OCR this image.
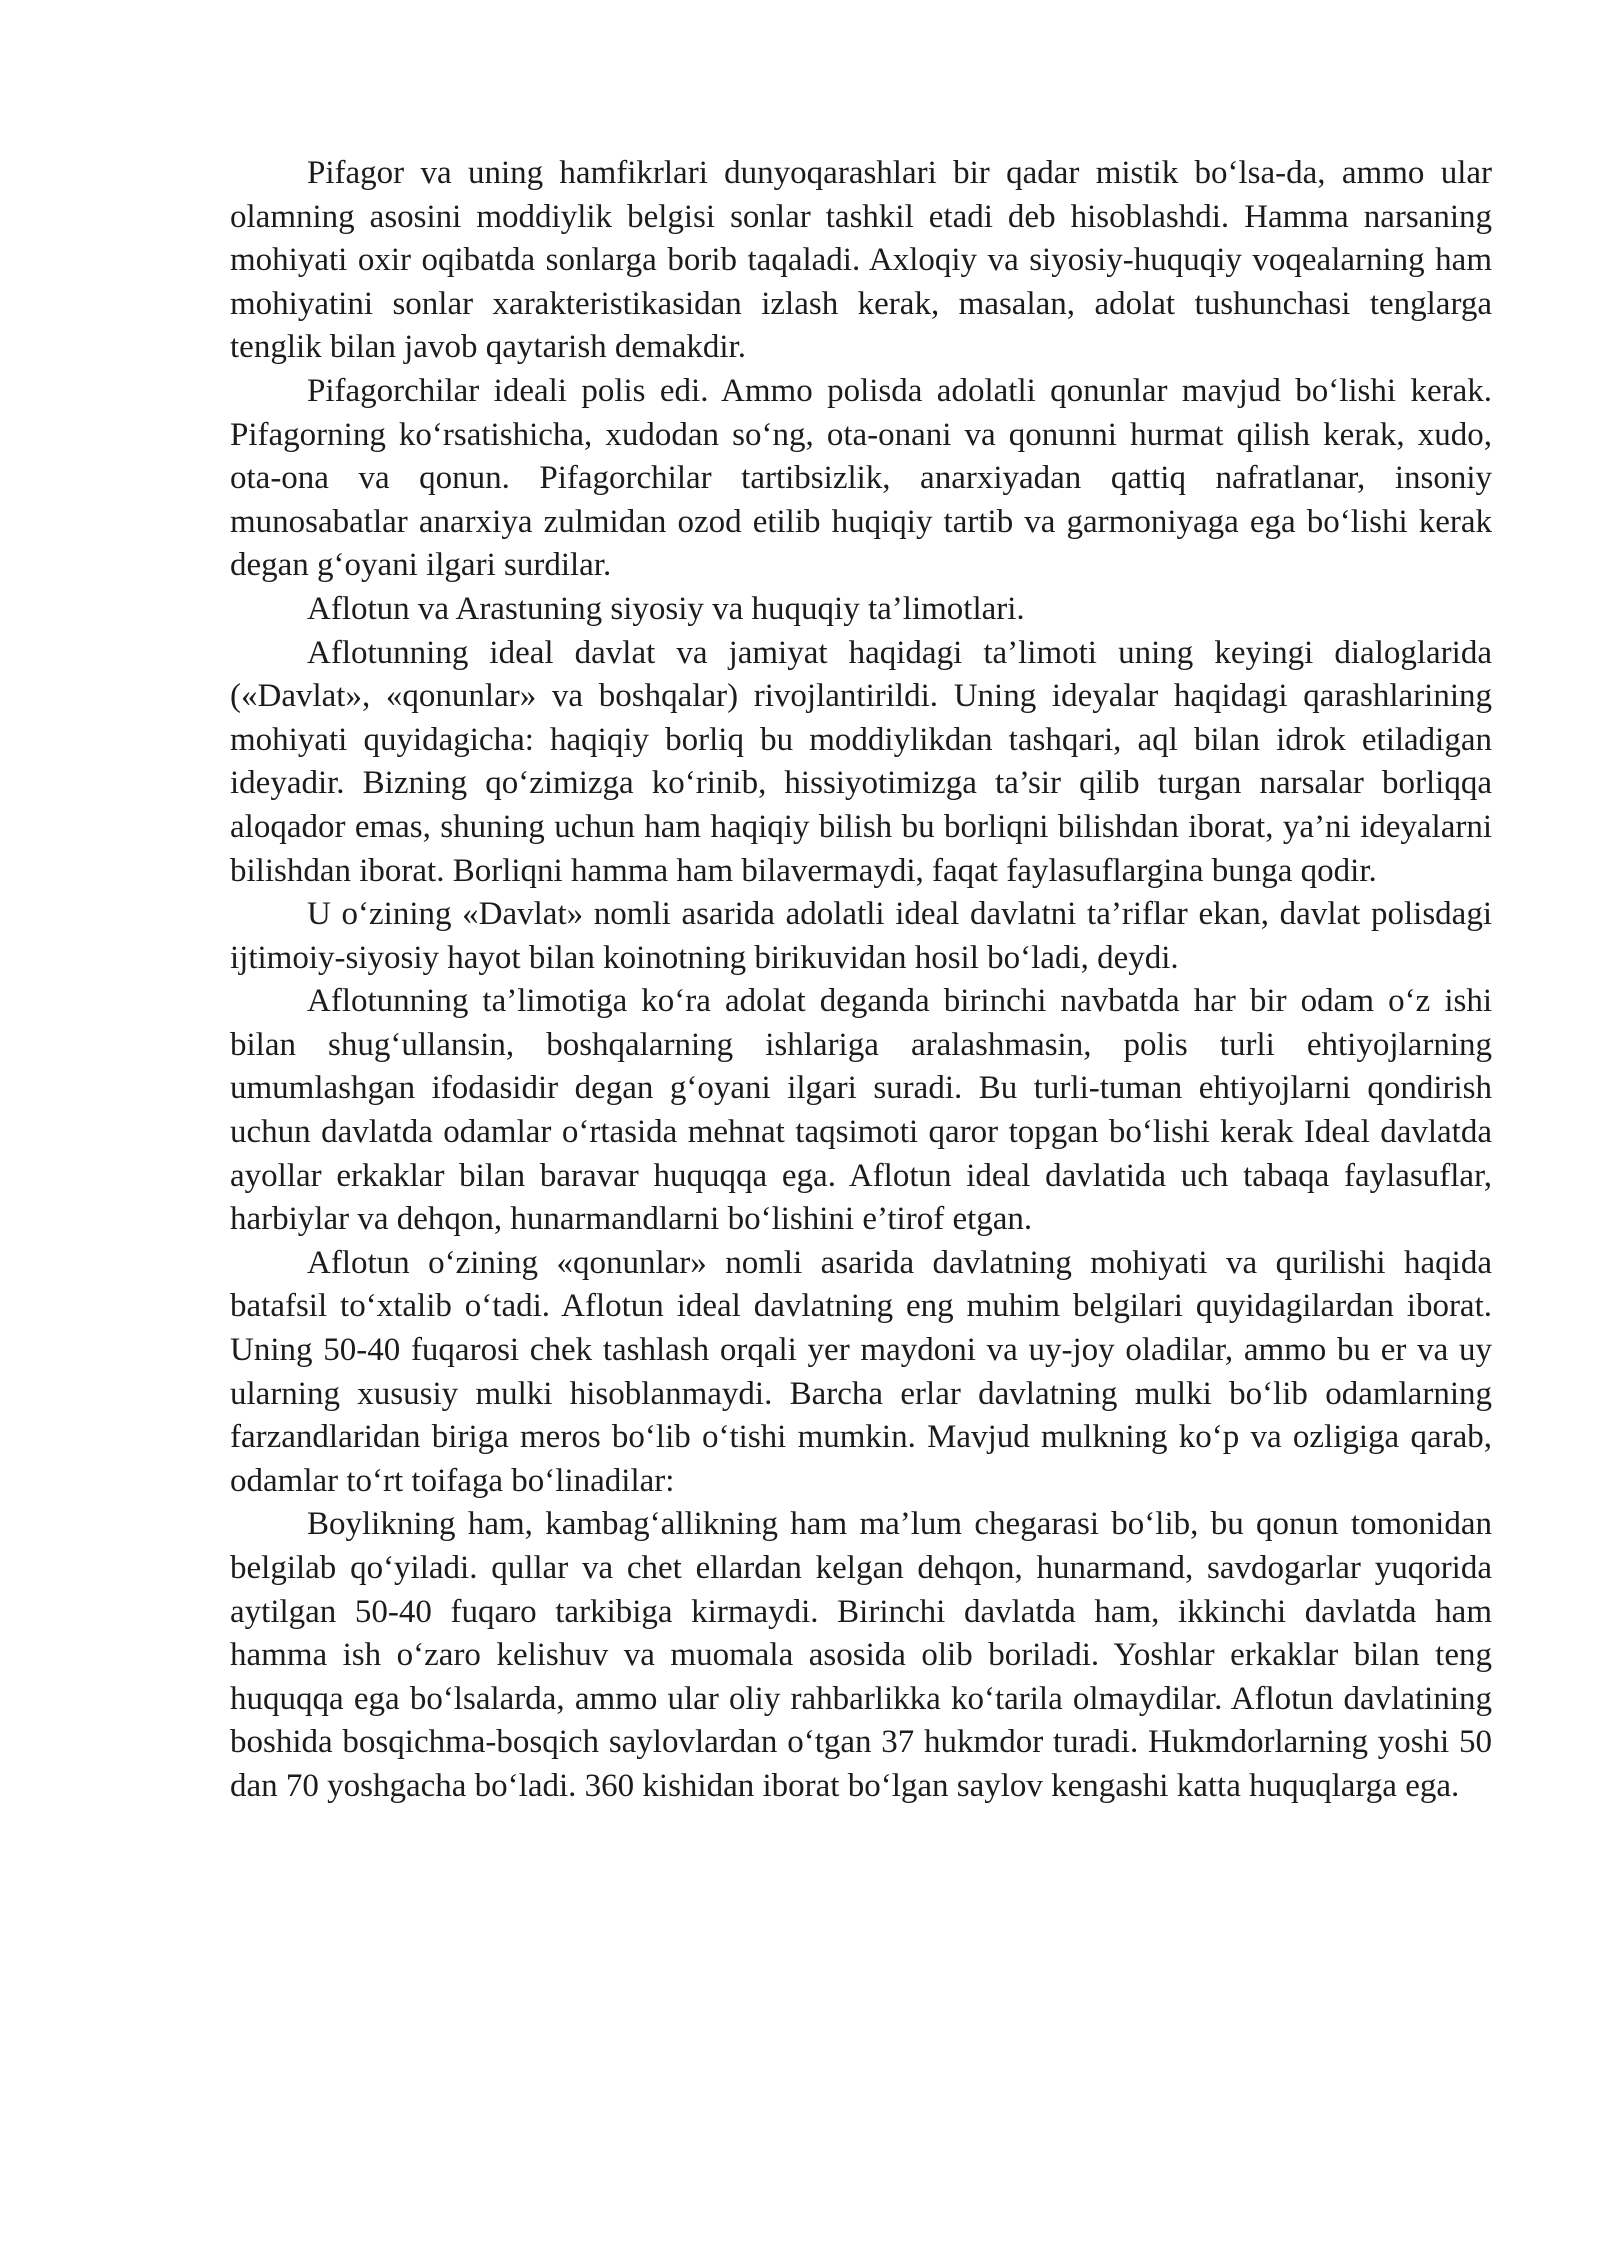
Pifagor va uning hamfikrlari dunyoqarashlari bir qadar mistik bo‘lsa-da, ammo ular olamning asosini moddiylik belgisi sonlar tashkil etadi deb hisoblashdi. Hamma narsaning mohiyati oxir oqibatda sonlarga borib taqaladi. Axloqiy va siyosiy-huquqiy voqealarning ham mohiyatini sonlar xarakteristikasidan izlash kerak, masalan, adolat tushunchasi tenglarga tenglik bilan javob qaytarish demakdir.

Pifagorchilar ideali polis edi. Ammo polisda adolatli qonunlar mavjud bo‘lishi kerak. Pifagorning ko‘rsatishicha, xudodan so‘ng, ota-onani va qonunni hurmat qilish kerak, xudo, ota-ona va qonun. Pifagorchilar tartibsizlik, anarxiyadan qattiq nafratlanar, insoniy munosabatlar anarxiya zulmidan ozod etilib huqiqiy tartib va garmoniyaga ega bo‘lishi kerak degan g‘oyani ilgari surdilar.

Aflotun va Arastuning siyosiy va huquqiy ta’limotlari.

Aflotunning ideal davlat va jamiyat haqidagi ta’limoti uning keyingi dialoglarida («Davlat», «qonunlar» va boshqalar) rivojlantirildi. Uning ideyalar haqidagi qarashlarining mohiyati quyidagicha: haqiqiy borliq bu moddiylikdan tashqari, aql bilan idrok etiladigan ideyadir. Bizning qo‘zimizga ko‘rinib, hissiyotimizga ta’sir qilib turgan narsalar borliqqa aloqador emas, shuning uchun ham haqiqiy bilish bu borliqni bilishdan iborat, ya’ni ideyalarni bilishdan iborat. Borliqni hamma ham bilavermaydi, faqat faylasuflargina bunga qodir.

U o‘zining «Davlat» nomli asarida adolatli ideal davlatni ta’riflar ekan, davlat polisdagi ijtimoiy-siyosiy hayot bilan koinotning birikuvidan hosil bo‘ladi, deydi.

Aflotunning ta’limotiga ko‘ra adolat deganda birinchi navbatda har bir odam o‘z ishi bilan shug‘ullansin, boshqalarning ishlariga aralashmasin, polis turli ehtiyojlarning umumlashgan ifodasidir degan g‘oyani ilgari suradi. Bu turli-tuman ehtiyojlarni qondirish uchun davlatda odamlar o‘rtasida mehnat taqsimoti qaror topgan bo‘lishi kerak Ideal davlatda ayollar erkaklar bilan baravar huquqqa ega. Aflotun ideal davlatida uch tabaqa faylasuflar, harbiylar va dehqon, hunarmandlarni bo‘lishini e’tirof etgan.

Aflotun o‘zining «qonunlar» nomli asarida davlatning mohiyati va qurilishi haqida batafsil to‘xtalib o‘tadi. Aflotun ideal davlatning eng muhim belgilari quyidagilardan iborat. Uning 50-40 fuqarosi chek tashlash orqali yer maydoni va uy-joy oladilar, ammo bu er va uy ularning xususiy mulki hisoblanmaydi. Barcha erlar davlatning mulki bo‘lib odamlarning farzandlaridan biriga meros bo‘lib o‘tishi mumkin. Mavjud mulkning ko‘p va ozligiga qarab, odamlar to‘rt toifaga bo‘linadilar:

Boylikning ham, kambag‘allikning ham ma’lum chegarasi bo‘lib, bu qonun tomonidan belgilab qo‘yiladi. qullar va chet ellardan kelgan dehqon, hunarmand, savdogarlar yuqorida aytilgan 50-40 fuqaro tarkibiga kirmaydi. Birinchi davlatda ham, ikkinchi davlatda ham hamma ish o‘zaro kelishuv va muomala asosida olib boriladi. Yoshlar erkaklar bilan teng huquqqa ega bo‘lsalarda, ammo ular oliy rahbarlikka ko‘tarila olmaydilar. Aflotun davlatining boshida bosqichma-bosqich saylovlardan o‘tgan 37 hukmdor turadi. Hukmdorlarning yoshi 50 dan 70 yoshgacha bo‘ladi. 360 kishidan iborat bo‘lgan saylov kengashi katta huquqlarga ega.
